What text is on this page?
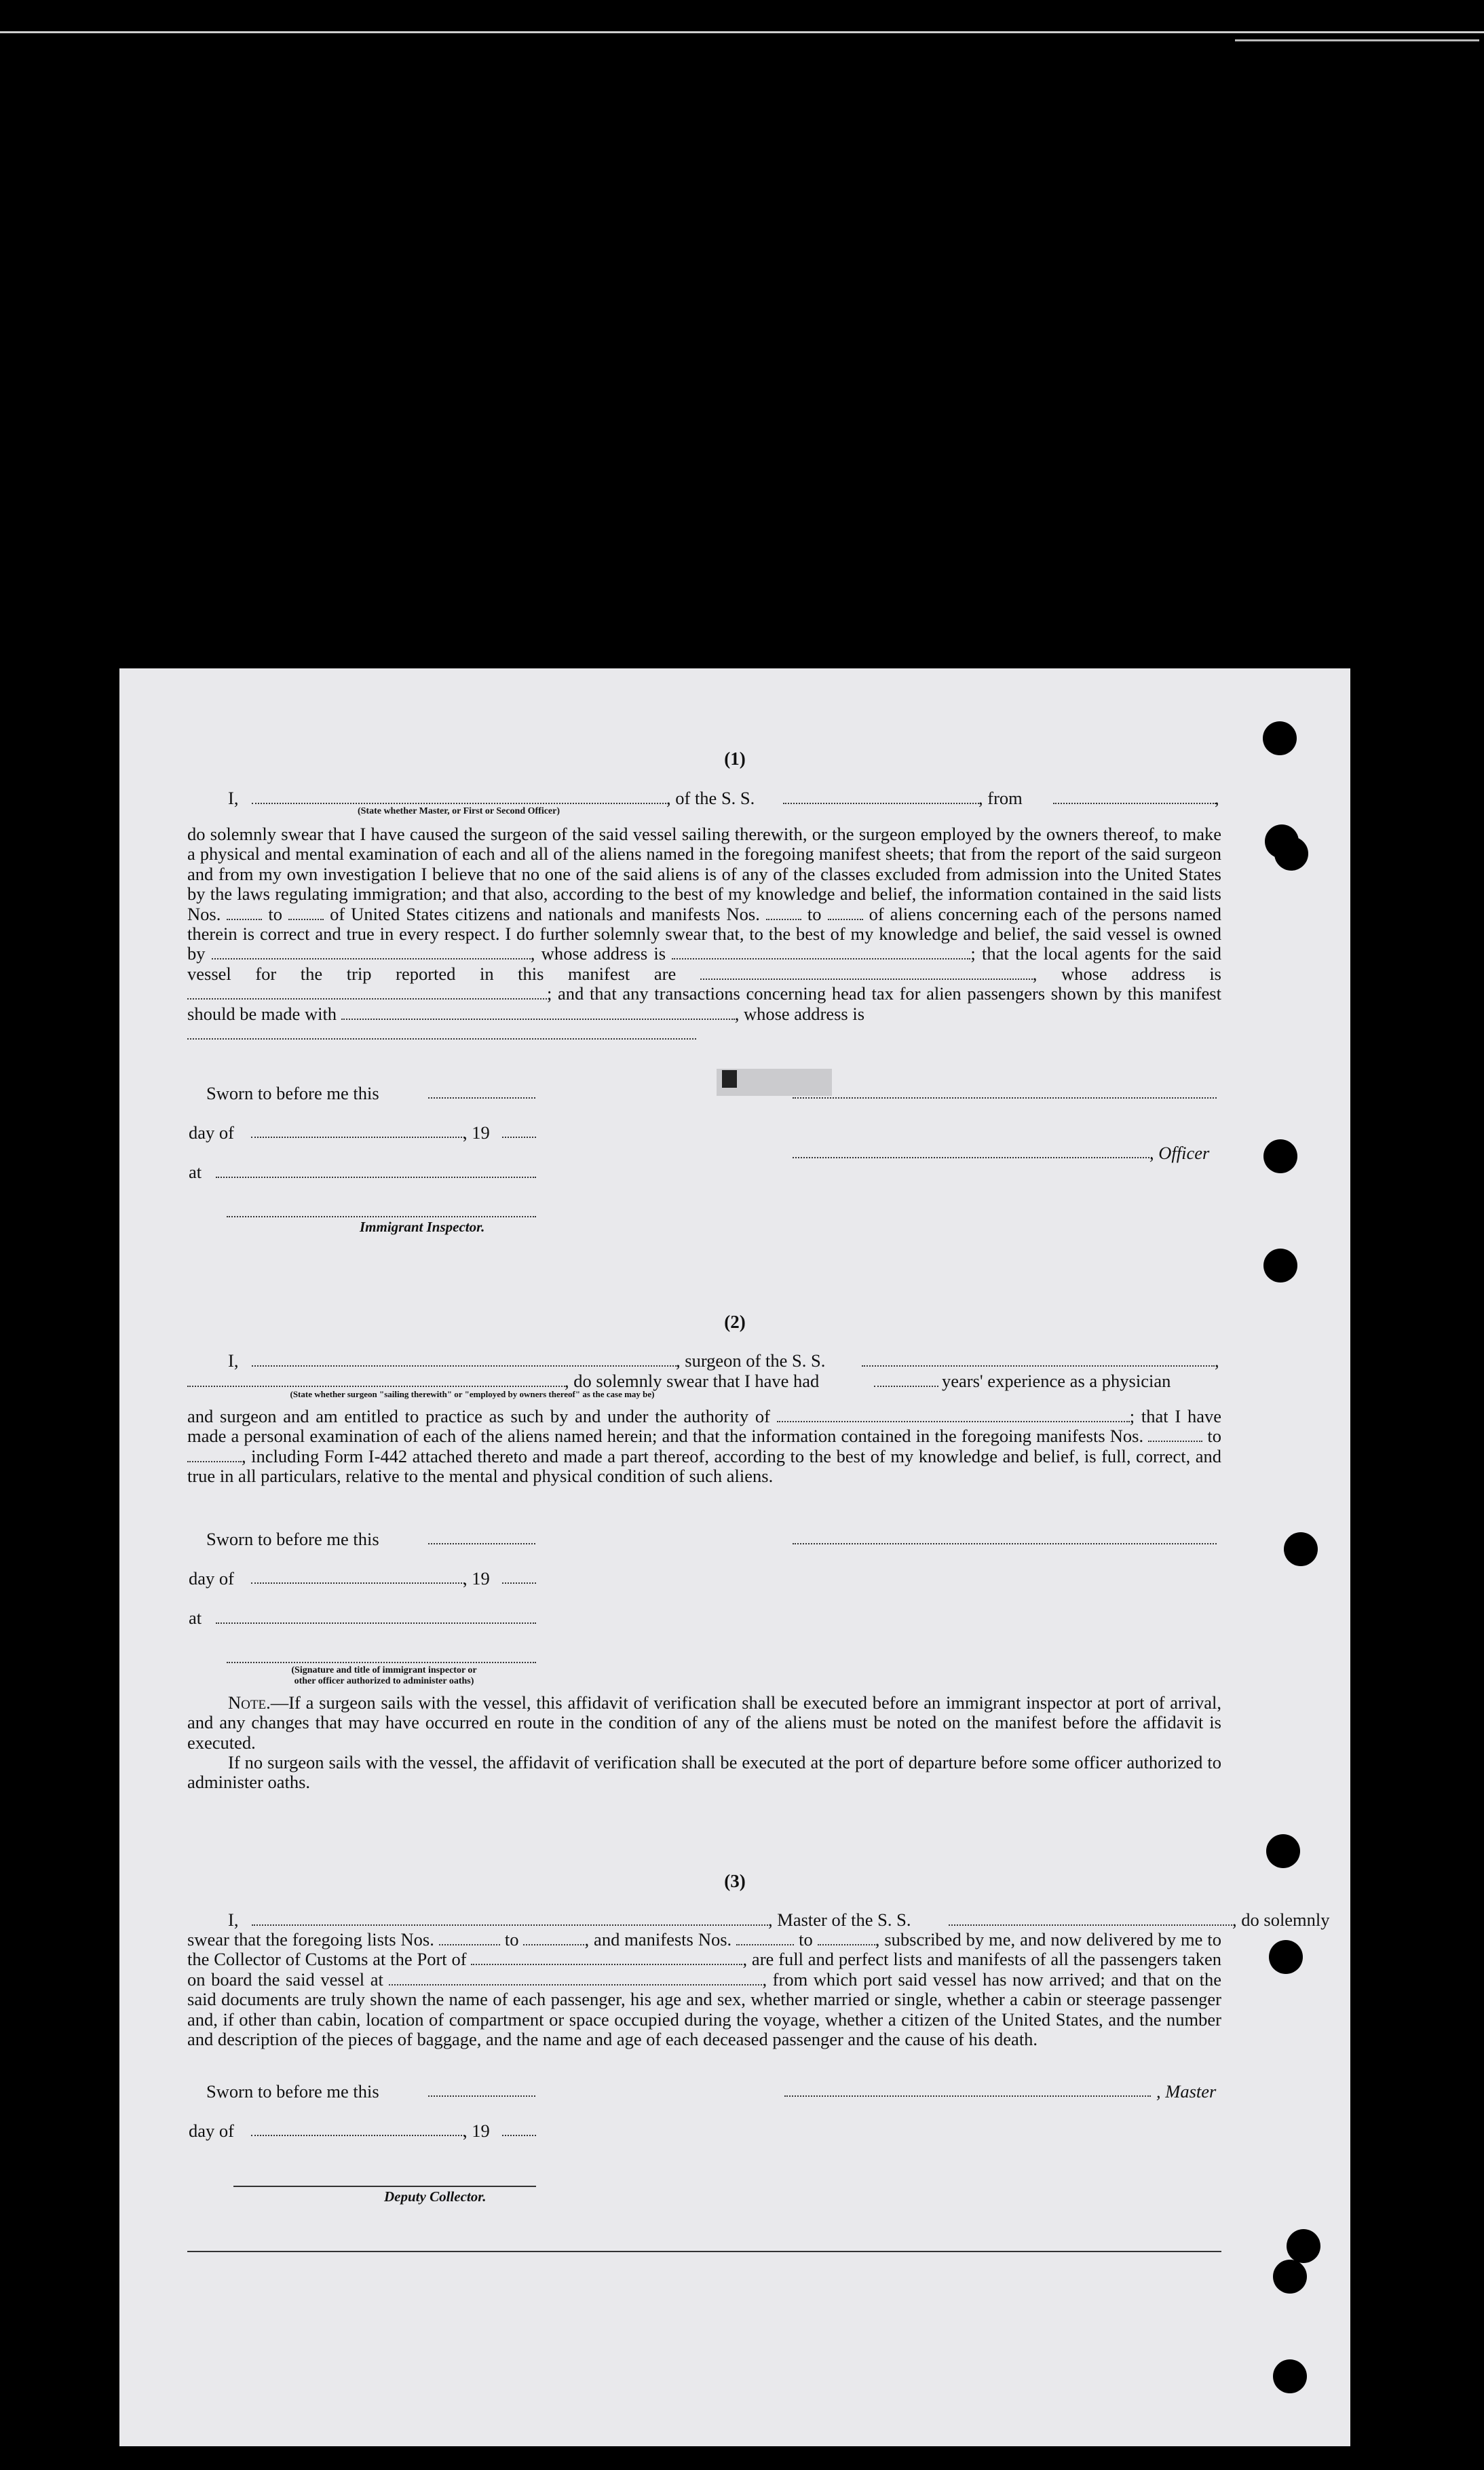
(1)
I,
(State whether Master, or First or Second Officer)
, of the S. S.	, from	,
do solemnly swear that I have caused the surgeon of the said vessel sailing therewith, or the surgeon employed by the owners thereof, to make a physical and mental examination of each and all of the aliens named in the foregoing manifest sheets; that from the report of the said surgeon and from my own investigation I believe that no one of the said aliens is of any of the classes excluded from admission into the United States by the laws regulating immigration; and that also, according to the best of my knowledge and belief, the information contained in the said lists Nos.	to	of United States citizens and nationals and manifests Nos.	to	of aliens concerning each of the persons named therein is correct and true in every respect. I do further solemnly swear that, to the best of my knowledge and belief, the said vessel is owned by	, whose address is	; that the local agents for the said vessel for the trip reported in this manifest are	, whose address is ; and that any transactions concerning head tax for alien passengers shown by this manifest should be made with	, whose address is

Sworn to before me this
day of	, 19
, Officer
at
Immigrant Inspector.
(2)
I,	, surgeon of the S. S.	,
, do solemnly swear that I have had	years' experience as a physician
(State whether surgeon "sailing therewith" or "employed by owners thereof" as the case may be)
and surgeon and am entitled to practice as such by and under the authority of	; that I have made a personal examination of each of the aliens named herein; and that the information contained in the foregoing manifests Nos.	to , including Form I-442 attached thereto and made a part thereof, according to the best of my knowledge and belief, is full, correct, and true in all particulars, relative to the mental and physical condition of such aliens.
Sworn to before me this
day of	, 19
at
(Signature and title of immigrant inspector or
other officer authorized to administer oaths)
Note.—If a surgeon sails with the vessel, this affidavit of verification shall be executed before an immigrant inspector at port of arrival, and any changes that may have occurred en route in the condition of any of the aliens must be noted on the manifest before the affidavit is executed.
If no surgeon sails with the vessel, the affidavit of verification shall be executed at the port of departure before some officer authorized to administer oaths.
(3)
I,	, Master of the S. S.	, do solemnly
swear that the foregoing lists Nos.	to	, and manifests Nos.	to	, subscribed by me, and now delivered by me to the Collector of Customs at the Port of	, are full and perfect lists and manifests of all the passengers taken on board the said vessel at	, from which port said vessel has now arrived; and that on the said documents are truly shown the name of each passenger, his age and sex, whether married or single, whether a cabin or steerage passenger and, if other than cabin, location of compartment or space occupied during the voyage, whether a citizen of the United States, and the number and description of the pieces of baggage, and the name and age of each deceased passenger and the cause of his death.
Sworn to before me this	, Master
day of	, 19
Deputy Collector.
